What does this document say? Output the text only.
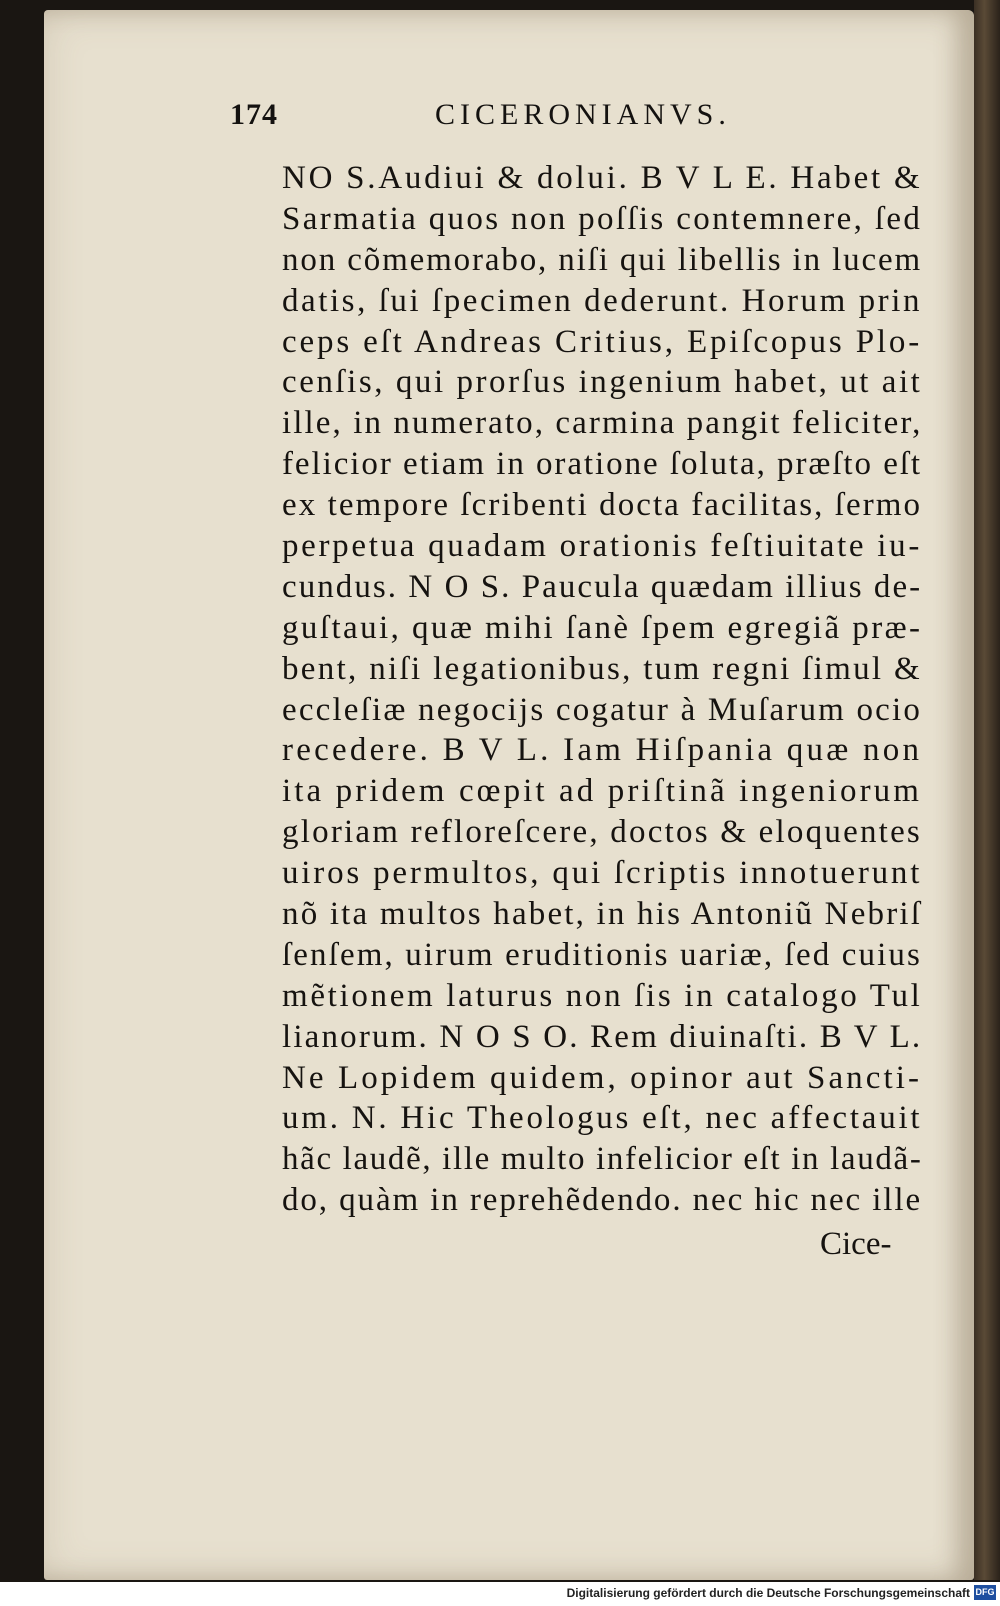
174	CICERONIANVS.
NO S.Audiui & dolui. B V L E. Habet &
Sarmatia quos non poſſis contemnere, ſed
non cõmemorabo, niſi qui libellis in lucem
datis, ſui ſpecimen dederunt. Horum prin
ceps eſt Andreas Critius, Epiſcopus Plo-
cenſis, qui prorſus ingenium habet, ut ait
ille, in numerato, carmina pangit feliciter,
felicior etiam in oratione ſoluta, præſto eſt
ex tempore ſcribenti docta facilitas, ſermo
perpetua quadam orationis feſtiuitate iu-
cundus. N O S. Paucula quædam illius de-
guſtaui, quæ mihi ſanè ſpem egregiã præ-
bent, niſi legationibus, tum regni ſimul &
eccleſiæ negocijs cogatur à Muſarum ocio
recedere. B V L. Iam Hiſpania quæ non
ita pridem cœpit ad priſtinã ingeniorum
gloriam refloreſcere, doctos & eloquentes
uiros permultos, qui ſcriptis innotuerunt
nõ ita multos habet, in his Antoniũ Nebriſ
ſenſem, uirum eruditionis uariæ, ſed cuius
mẽtionem laturus non ſis in catalogo Tul
lianorum. N O S O. Rem diuinaſti. B V L.
Ne Lopidem quidem, opinor aut Sancti-
um. N. Hic Theologus eſt, nec affectauit
hãc laudẽ, ille multo infelicior eſt in laudã-
do, quàm in reprehẽdendo. nec hic nec ille
Cice-
Digitalisierung gefördert durch die Deutsche Forschungsgemeinschaft DFG
